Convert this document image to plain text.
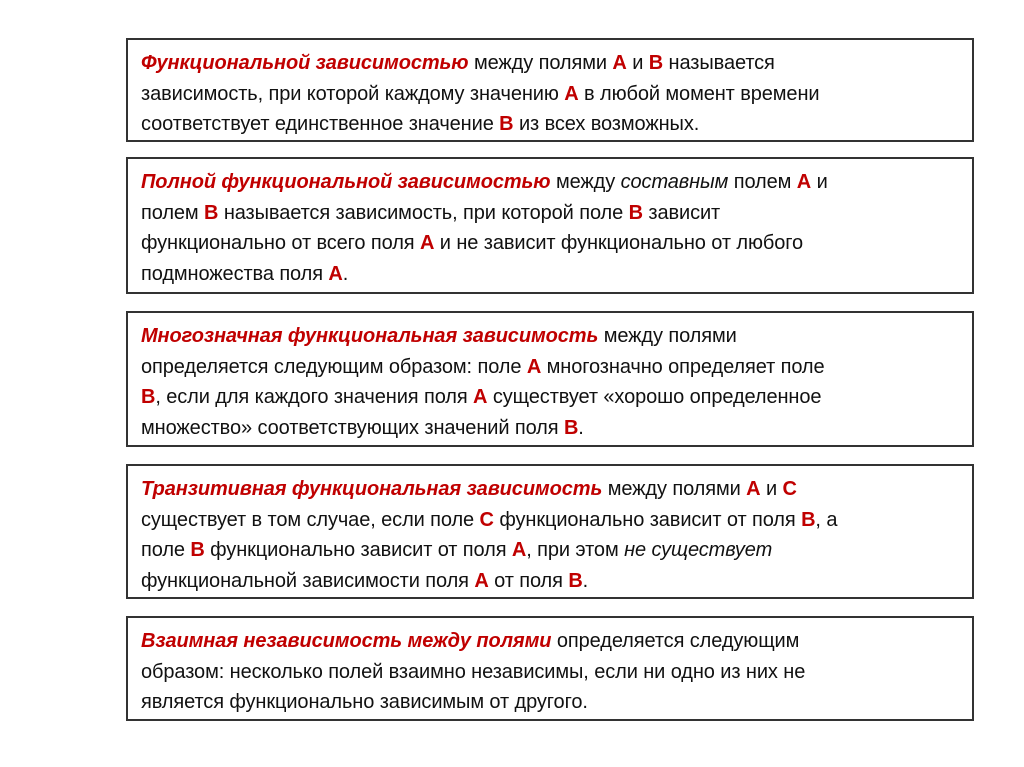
Функциональной зависимостью между полями А и В называется
зависимость, при которой каждому значению А в любой момент времени
соответствует единственное значение В из всех возможных.
Полной функциональной зависимостью между составным полем А и
полем В называется зависимость, при которой поле В зависит
функционально от всего поля А и не зависит функционально от любого
подмножества поля А.
Многозначная функциональная зависимость между полями
определяется следующим образом: поле А многозначно определяет поле
В, если для каждого значения поля А существует «хорошо определенное
множество» соответствующих значений поля В.
Транзитивная функциональная зависимость между полями А и С
существует в том случае, если поле С функционально зависит от поля В, а
поле В функционально зависит от поля А, при этом не существует
функциональной зависимости поля А от поля В.
Взаимная независимость между полями определяется следующим
образом: несколько полей взаимно независимы, если ни одно из них не
является функционально зависимым от другого.
